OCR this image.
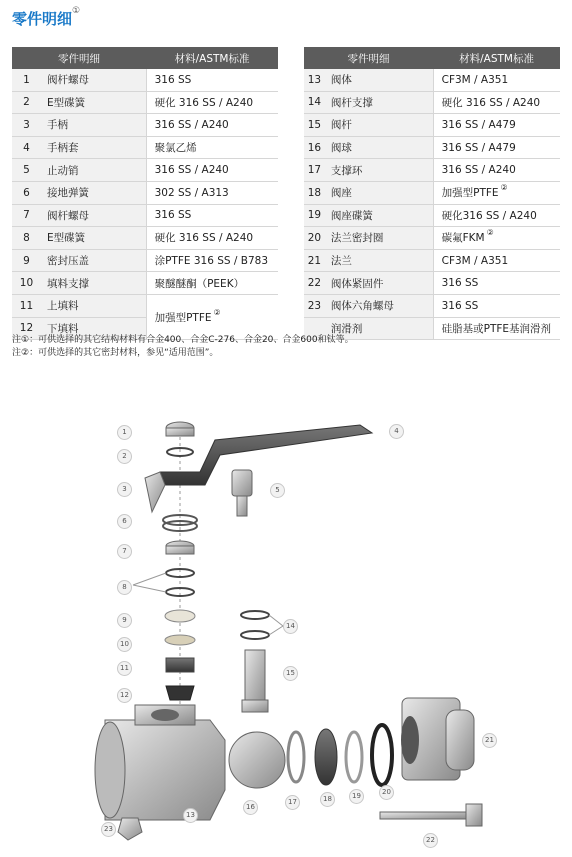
零件明细①
零件明细		材料/ASTM标准
1	阀杆螺母	316 SS
2	E型碟簧	硬化 316 SS / A240
3	手柄	316 SS / A240
4	手柄套	聚氯乙烯
5	止动销	316 SS / A240
6	接地弹簧	302 SS / A313
7	阀杆螺母	316 SS
8	E型碟簧	硬化 316 SS / A240
9	密封压盖	涂PTFE 316 SS / B783
10	填料支撑	聚醚醚酮（PEEK）
11	上填料	加强型PTFE ②
12	下填料	
零件明细		材料/ASTM标准
13	阀体	CF3M / A351
14	阀杆支撑	硬化 316 SS / A240
15	阀杆	316 SS / A479
16	阀球	316 SS / A479
17	支撑环	316 SS / A240
18	阀座	加强型PTFE ②
19	阀座碟簧	硬化316 SS / A240
20	法兰密封圈	碳氟FKM ②
21	法兰	CF3M / A351
22	阀体紧固件	316 SS
23	阀体六角螺母	316 SS
	润滑剂	硅脂基或PTFE基润滑剂
注①：可供选择的其它结构材料有合金400、合金C-276、合金20、合金600和钛等。
注②：可供选择的其它密封材料，参见“适用范围”。
1
2
3
4
5
6
7
8
9
10
11
12
13
14
15
16
17	18	19	20
21
22
23
